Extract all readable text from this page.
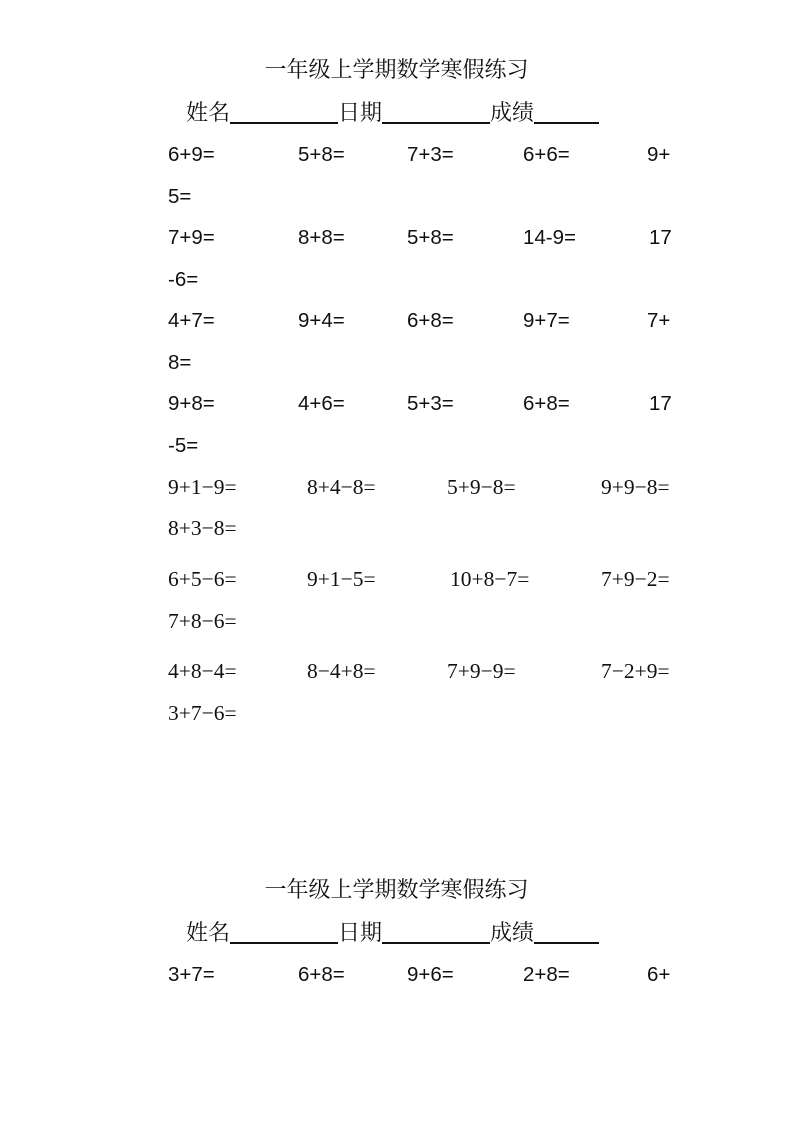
一年级上学期数学寒假练习
姓名	日期	成绩
6+9=	5+8=	7+3=	6+6=	9+
5=
7+9=	8+8=	5+8=	14-9=	17
-6=
4+7=	9+4=	6+8=	9+7=	7+
8=
9+8=	4+6=	5+3=	6+8=	17
-5=
9+1−9=	8+4−8=	5+9−8=	9+9−8=
8+3−8=
6+5−6=	9+1−5=	10+8−7=	7+9−2=
7+8−6=
4+8−4=	8−4+8=	7+9−9=	7−2+9=
3+7−6=
一年级上学期数学寒假练习
姓名	日期	成绩
3+7=	6+8=	9+6=	2+8=	6+
